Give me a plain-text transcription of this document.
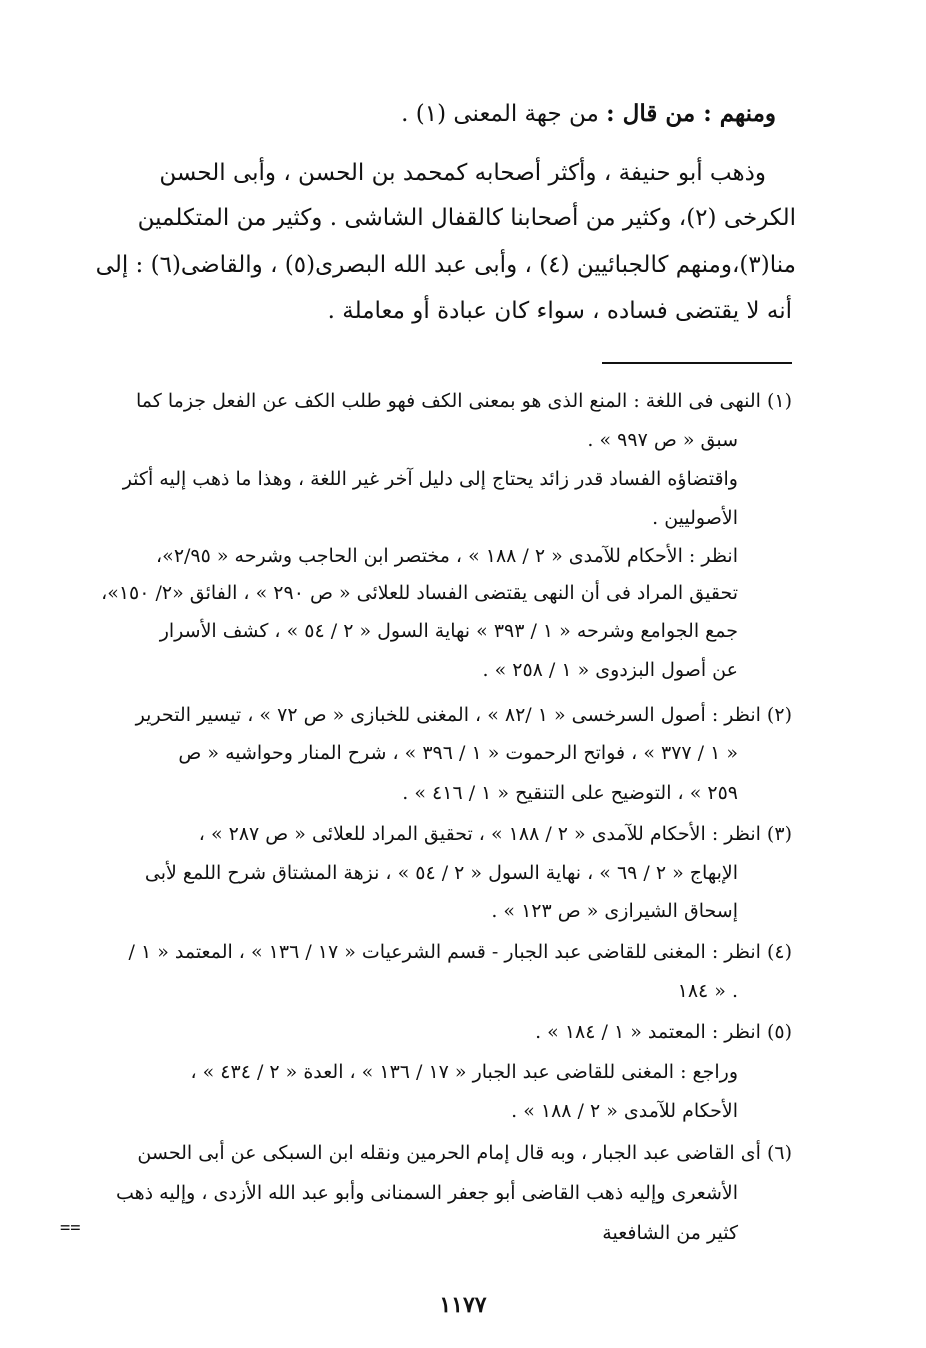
ومنهم : من قال : من جهة المعنى (١) .
وذهب أبو حنيفة ، وأكثر أصحابه كمحمد بن الحسن ، وأبى الحسن
الكرخى (٢)، وكثير من أصحابنا كالقفال الشاشى . وكثير من المتكلمين
منا(٣)،ومنهم كالجبائيين (٤) ، وأبى عبد الله البصرى(٥) ، والقاضى(٦) : إلى
أنه لا يقتضى فساده ، سواء كان عبادة أو معاملة .
(١) النهى فى اللغة : المنع الذى هو بمعنى الكف فهو طلب الكف عن الفعل جزما كما
سبق « ص ٩٩٧ » .
واقتضاؤه الفساد قدر زائد يحتاج إلى دليل آخر غير اللغة ، وهذا ما ذهب إليه أكثر
الأصوليين .
انظر : الأحكام للآمدى « ٢ / ١٨٨ » ، مختصر ابن الحاجب وشرحه « ٢/٩٥»،
تحقيق المراد فى أن النهى يقتضى الفساد للعلائى « ص ٢٩٠ » ، الفائق «٢/ ١٥٠»،
جمع الجوامع وشرحه « ١ / ٣٩٣ » نهاية السول « ٢ / ٥٤ » ، كشف الأسرار
عن أصول البزدوى « ١ / ٢٥٨ » .
(٢) انظر : أصول السرخسى « ١ /٨٢ » ، المغنى للخبازى « ص ٧٢ » ، تيسير التحرير
« ١ / ٣٧٧ » ، فواتح الرحموت « ١ / ٣٩٦ » ، شرح المنار وحواشيه « ص
٢٥٩ » ، التوضيح على التنقيح « ١ / ٤١٦ » .
(٣) انظر : الأحكام للآمدى « ٢ / ١٨٨ » ، تحقيق المراد للعلائى « ص ٢٨٧ » ،
الإبهاج « ٢ / ٦٩ » ، نهاية السول « ٢ / ٥٤ » ، نزهة المشتاق شرح اللمع لأبى
إسحاق الشيرازى « ص ١٢٣ » .
(٤) انظر : المغنى للقاضى عبد الجبار - قسم الشرعيات « ١٧ / ١٣٦ » ، المعتمد « ١ /
١٨٤ » .
(٥) انظر : المعتمد « ١ / ١٨٤ » .
وراجع : المغنى للقاضى عبد الجبار « ١٧ / ١٣٦ » ، العدة « ٢ / ٤٣٤ » ،
الأحكام للآمدى « ٢ / ١٨٨ » .
(٦) أى القاضى عبد الجبار ، وبه قال إمام الحرمين ونقله ابن السبكى عن أبى الحسن
الأشعرى وإليه ذهب القاضى أبو جعفر السمنانى وأبو عبد الله الأزدى ، وإليه ذهب
كثير من الشافعية
==
١١٧٧
